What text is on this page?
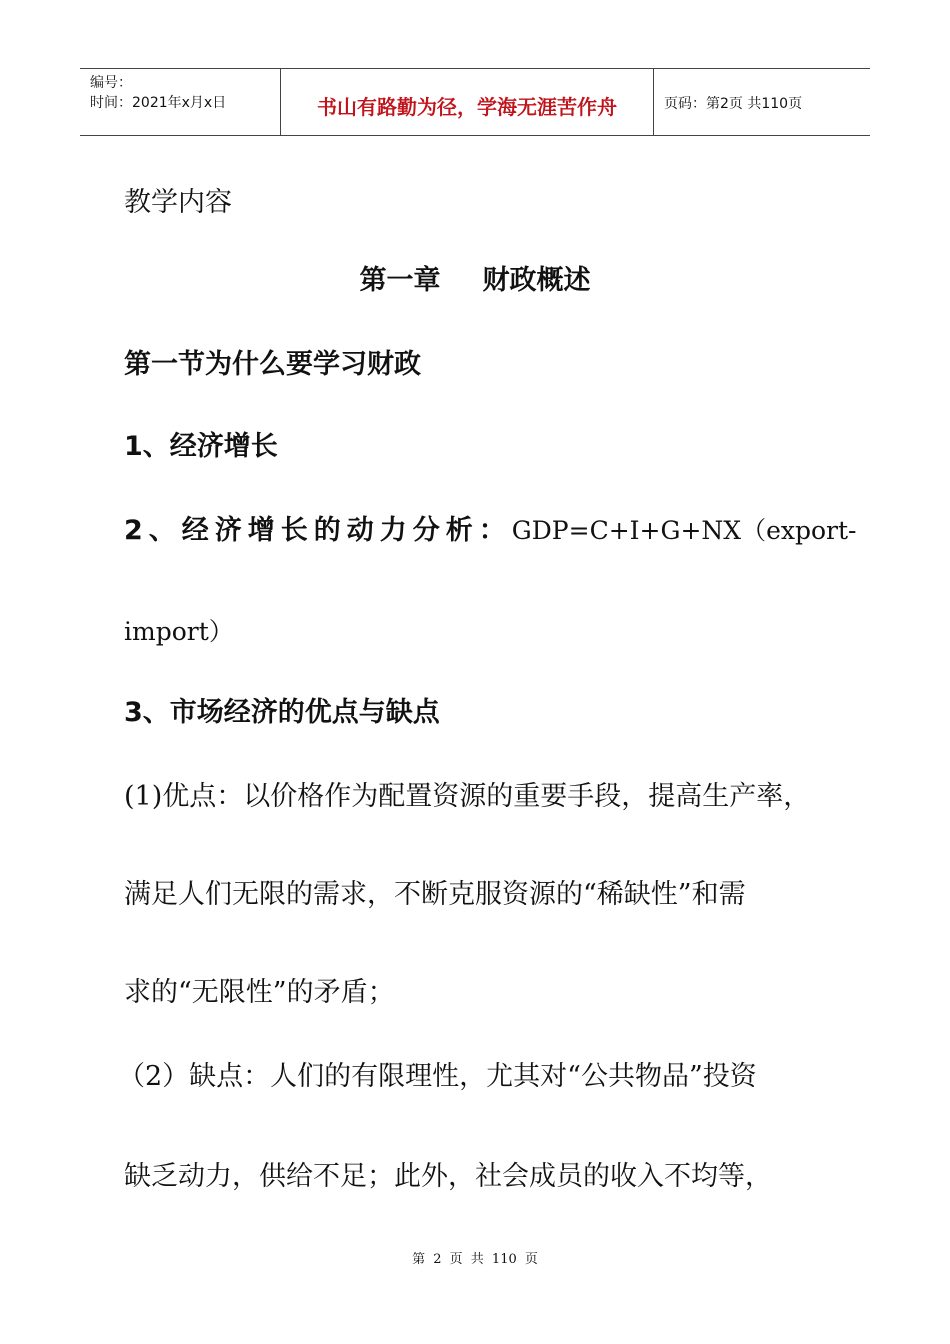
编号：
时间：2021年x月x日	书山有路勤为径，学海无涯苦作舟	页码：第2页 共110页
教学内容
第一章 财政概述
第一节为什么要学习财政
1、经济增长
2、经济增长的动力分析：GDP=C+I+G+NX（export-
import）
3、市场经济的优点与缺点
(1)优点：以价格作为配置资源的重要手段，提高生产率，
满足人们无限的需求，不断克服资源的“稀缺性”和需
求的“无限性”的矛盾；
（2）缺点：人们的有限理性，尤其对“公共物品”投资
缺乏动力，供给不足；此外，社会成员的收入不均等，
第 2 页 共 110 页
